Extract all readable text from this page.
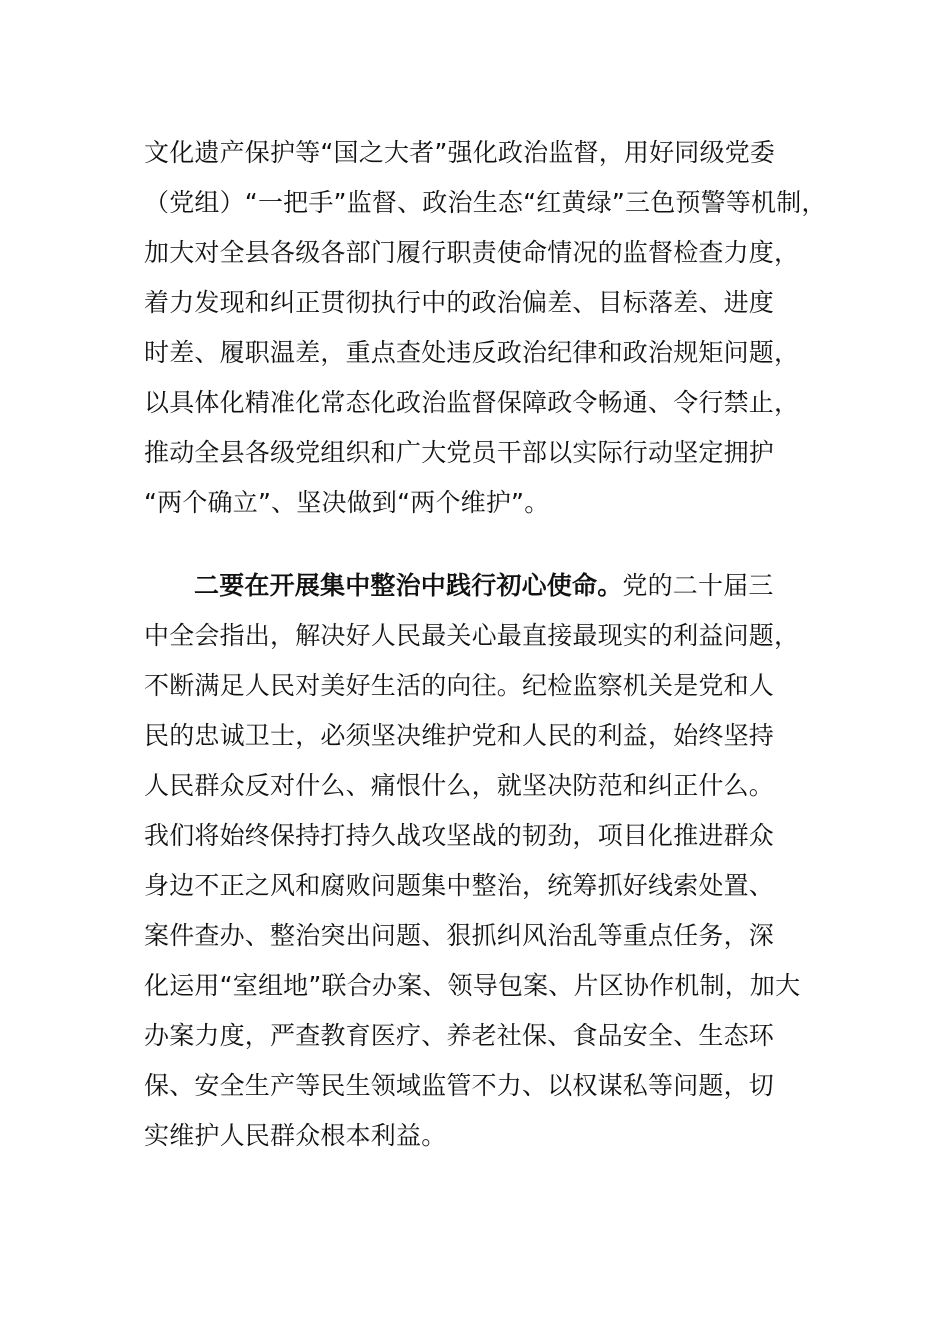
文化遗产保护等“国之大者”强化政治监督，用好同级党委
（党组）“一把手”监督、政治生态“红黄绿”三色预警等机制，
加大对全县各级各部门履行职责使命情况的监督检查力度，
着力发现和纠正贯彻执行中的政治偏差、目标落差、进度
时差、履职温差，重点查处违反政治纪律和政治规矩问题，
以具体化精准化常态化政治监督保障政令畅通、令行禁止，
推动全县各级党组织和广大党员干部以实际行动坚定拥护
“两个确立”、坚决做到“两个维护”。
二要在开展集中整治中践行初心使命。党的二十届三
中全会指出，解决好人民最关心最直接最现实的利益问题，
不断满足人民对美好生活的向往。纪检监察机关是党和人
民的忠诚卫士，必须坚决维护党和人民的利益，始终坚持
人民群众反对什么、痛恨什么，就坚决防范和纠正什么。
我们将始终保持打持久战攻坚战的韧劲，项目化推进群众
身边不正之风和腐败问题集中整治，统筹抓好线索处置、
案件查办、整治突出问题、狠抓纠风治乱等重点任务，深
化运用“室组地”联合办案、领导包案、片区协作机制，加大
办案力度，严查教育医疗、养老社保、食品安全、生态环
保、安全生产等民生领域监管不力、以权谋私等问题，切
实维护人民群众根本利益。
